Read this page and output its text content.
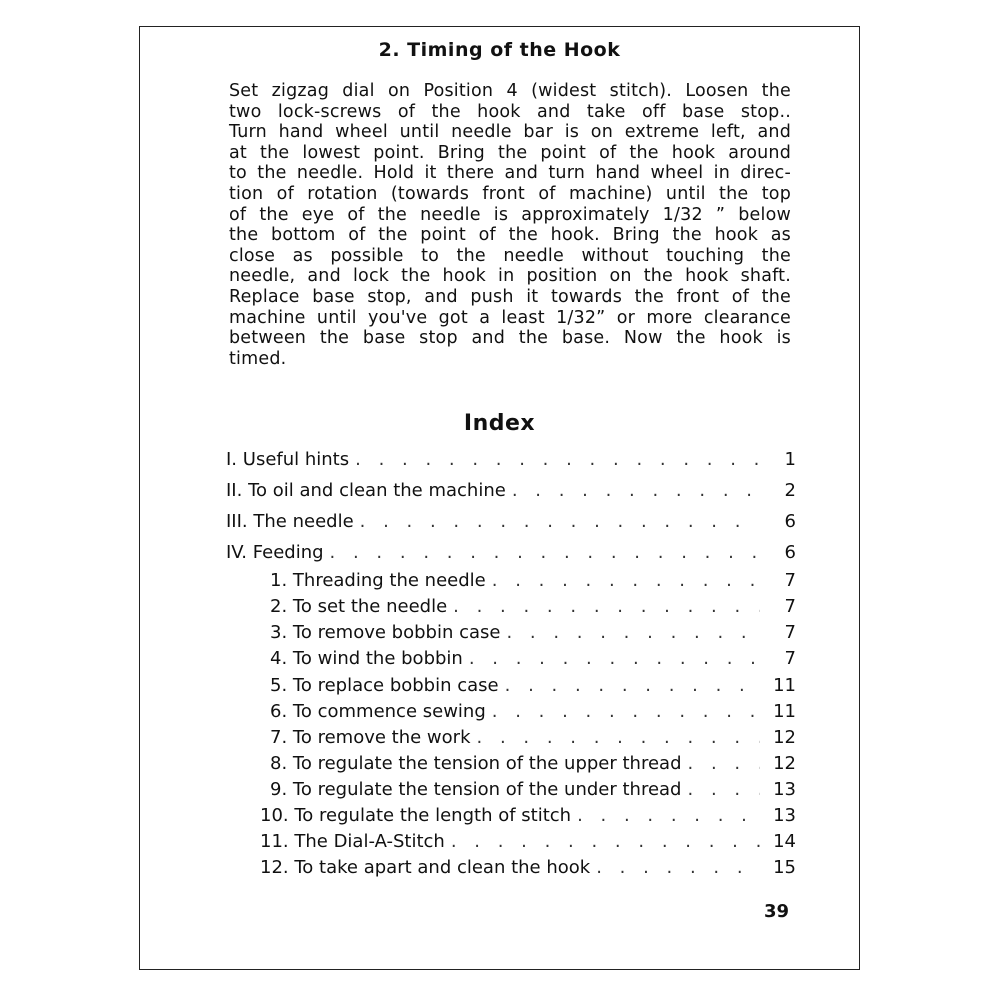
2. Timing of the Hook
Set zigzag dial on Position 4 (widest stitch). Loosen the
two lock-screws of the hook and take off base stop..
Turn hand wheel until needle bar is on extreme left, and
at the lowest point. Bring the point of the hook around
to the needle. Hold it there and turn hand wheel in direc-
tion of rotation (towards front of machine) until the top
of the eye of the needle is approximately 1/32 ” below
the bottom of the point of the hook. Bring the hook as
close as possible to the needle without touching the
needle, and lock the hook in position on the hook shaft.
Replace base stop, and push it towards the front of the
machine until you've got a least 1/32” or more clearance
between the base stop and the base. Now the hook is
timed.
Index
I. Useful hints . . .	1
II. To oil and clean the machine . . .	2
III. The needle . . .	6
IV. Feeding . . .	6
1. Threading the needle . . .	7
2. To set the needle . . .	7
3. To remove bobbin case . . .	7
4. To wind the bobbin . . .	7
5. To replace bobbin case . . .	11
6. To commence sewing . . .	11
7. To remove the work . . .	12
8. To regulate the tension of the upper thread . . .	12
9. To regulate the tension of the under thread . . .	13
10. To regulate the length of stitch . . .	13
11. The Dial-A-Stitch . . .	14
12. To take apart and clean the hook . . .	15
39
